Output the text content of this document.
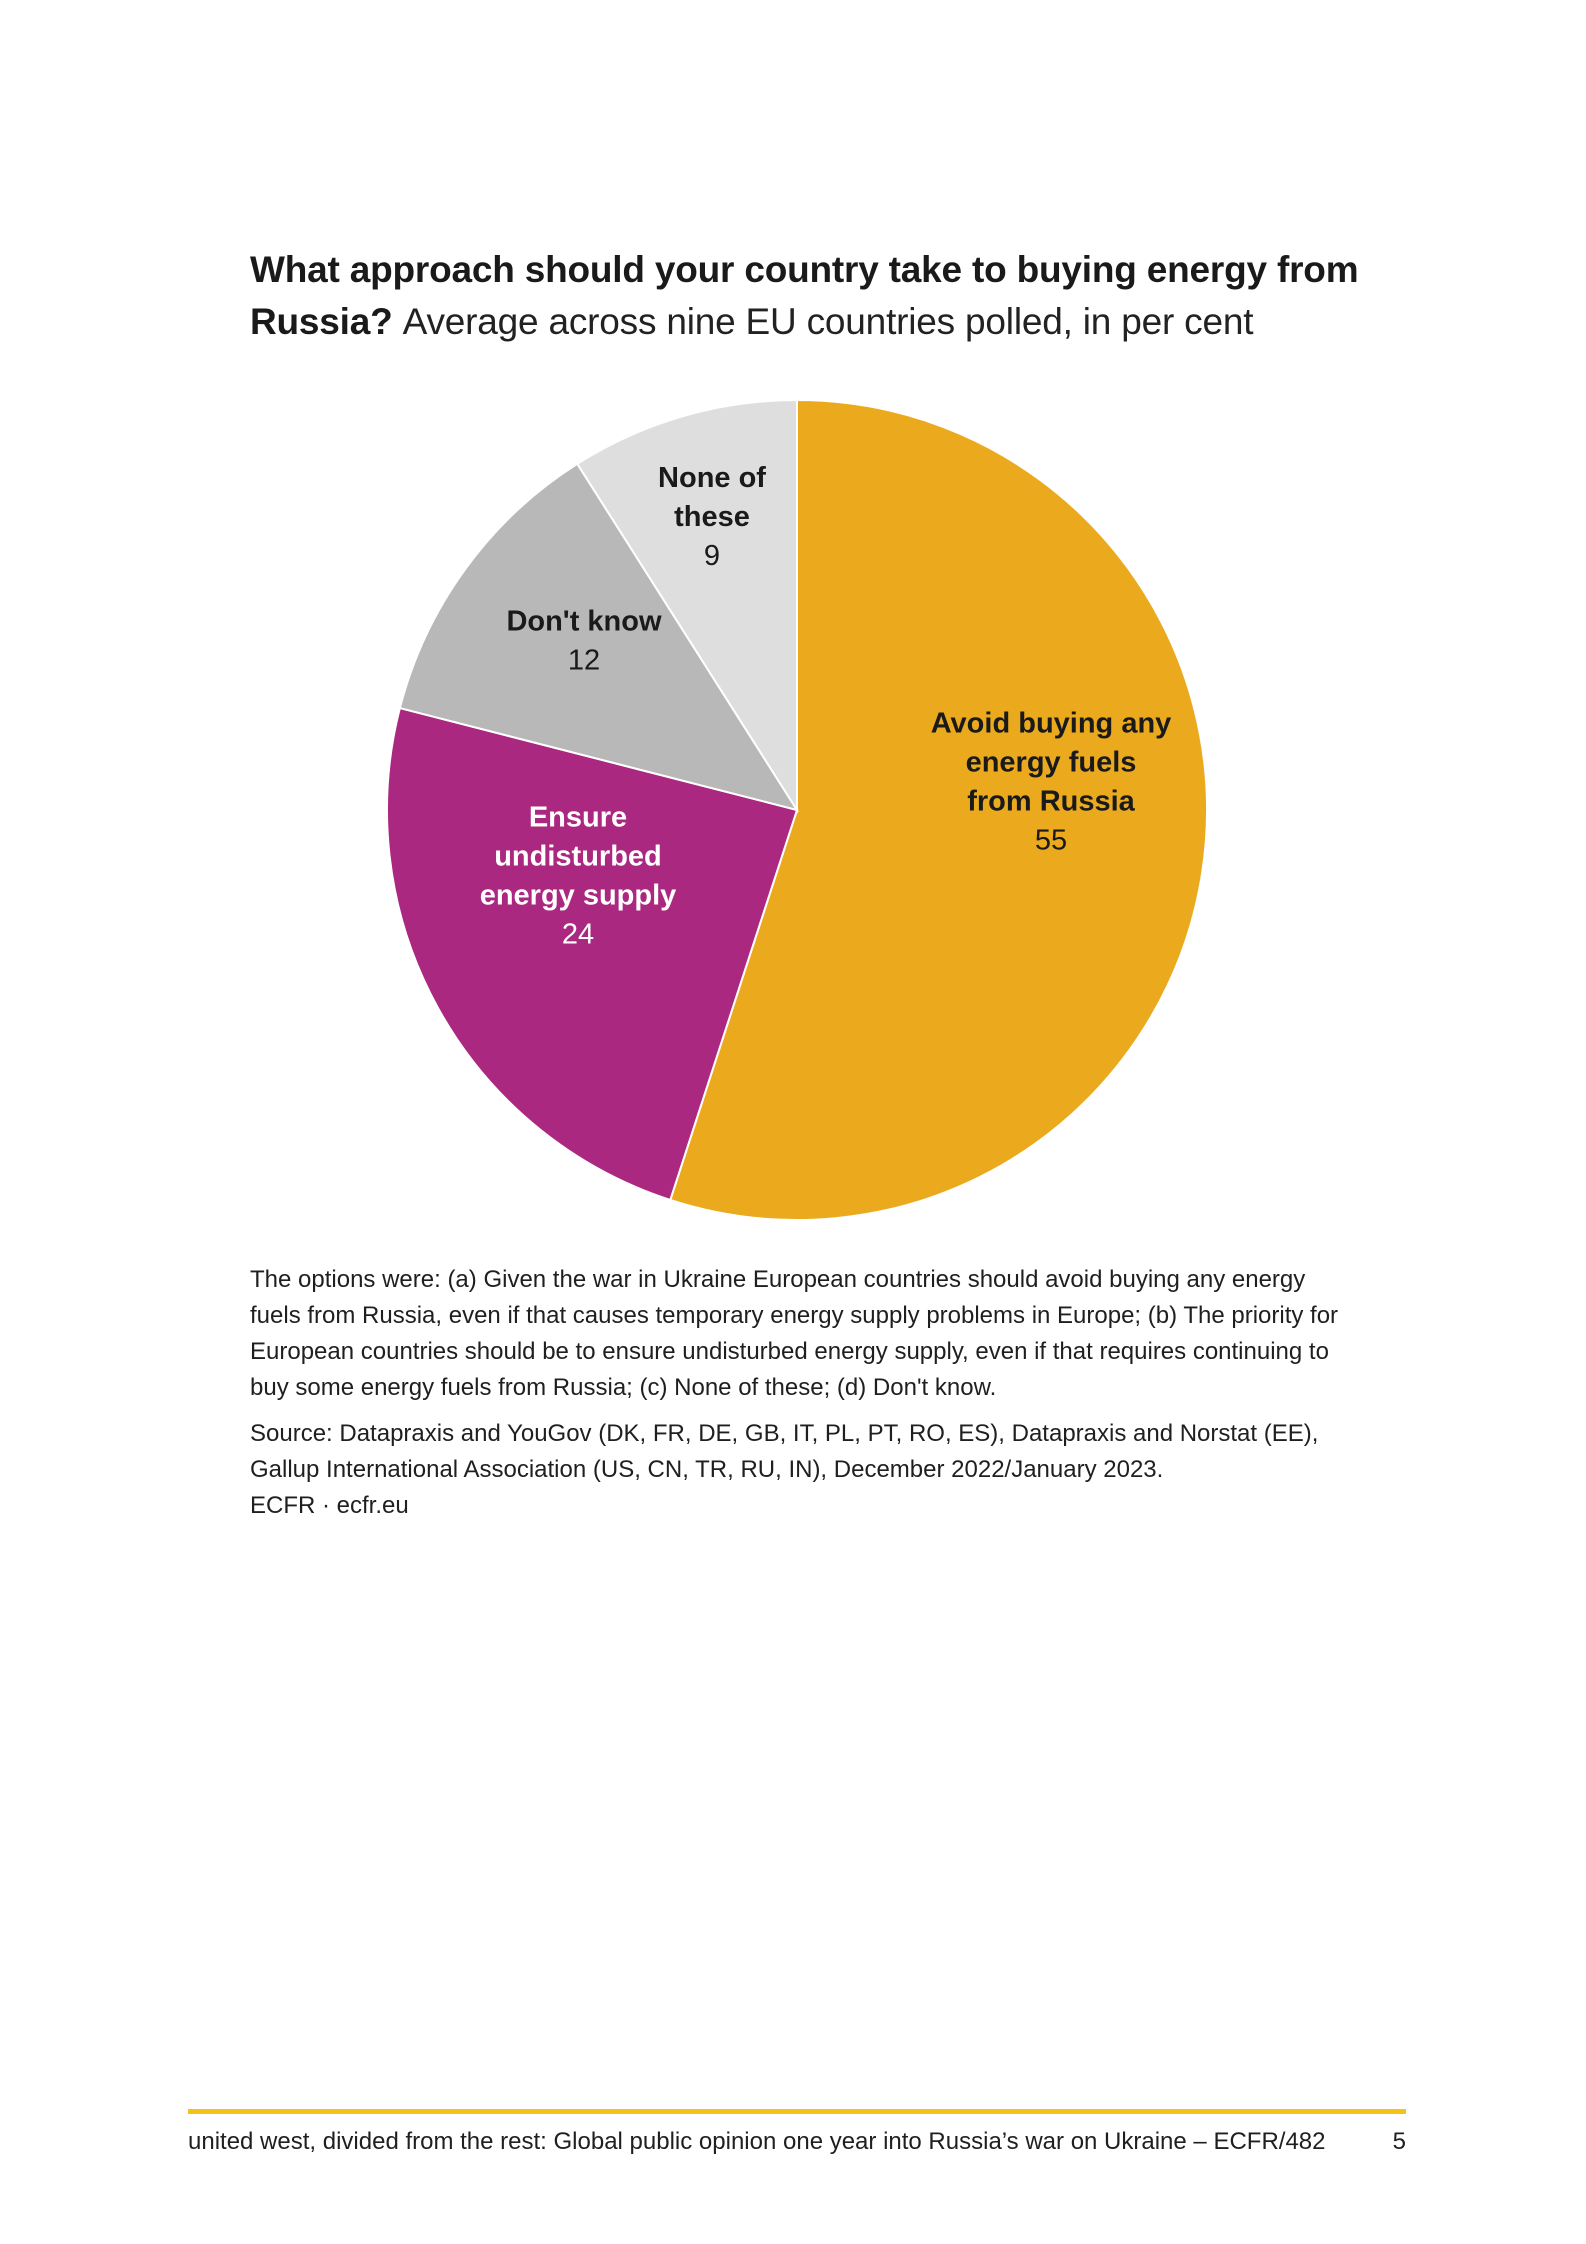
What approach should your country take to buying energy from Russia? Average across nine EU countries polled, in per cent
Avoid buying any
energy fuels
from Russia
55
Ensure
undisturbed
energy supply
24
Don't know
12
None of
these
9

The options were: (a) Given the war in Ukraine European countries should avoid buying any energy fuels from Russia, even if that causes temporary energy supply problems in Europe; (b) The priority for European countries should be to ensure undisturbed energy supply, even if that requires continuing to buy some energy fuels from Russia; (c) None of these; (d) Don't know.

Source: Datapraxis and YouGov (DK, FR, DE, GB, IT, PL, PT, RO, ES), Datapraxis and Norstat (EE), Gallup International Association (US, CN, TR, RU, IN), December 2022/January 2023.

ECFR · ecfr.eu

united west, divided from the rest: Global public opinion one year into Russia’s war on Ukraine – ECFR/482	5
